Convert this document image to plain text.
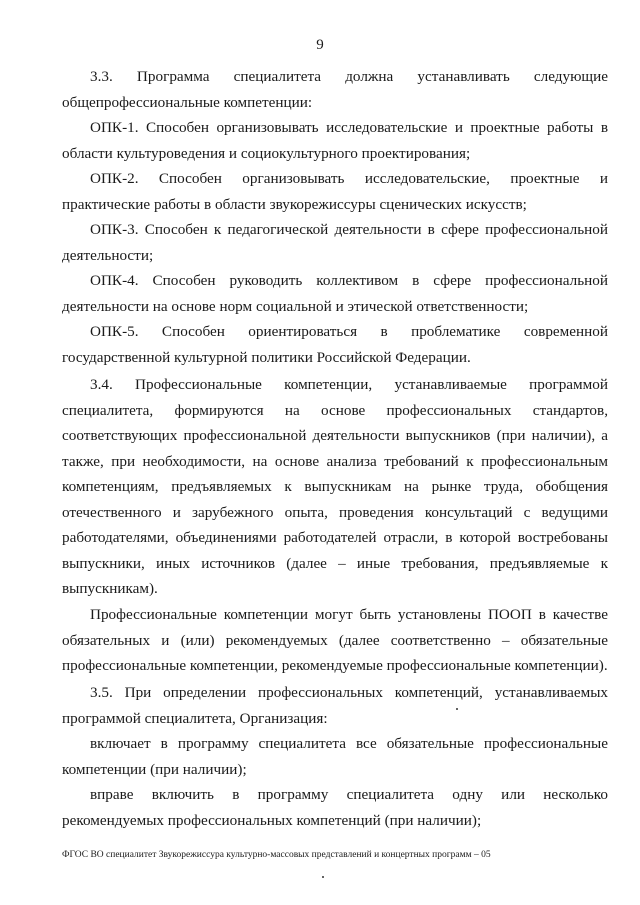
9
3.3. Программа специалитета должна устанавливать следующие общепрофессиональные компетенции:
ОПК-1. Способен организовывать исследовательские и проектные работы в области культуроведения и социокультурного проектирования;
ОПК-2. Способен организовывать исследовательские, проектные и практические работы в области звукорежиссуры сценических искусств;
ОПК-3. Способен к педагогической деятельности в сфере профессиональной деятельности;
ОПК-4. Способен руководить коллективом в сфере профессиональной деятельности на основе норм социальной и этической ответственности;
ОПК-5. Способен ориентироваться в проблематике современной государственной культурной политики Российской Федерации.
3.4. Профессиональные компетенции, устанавливаемые программой специалитета, формируются на основе профессиональных стандартов, соответствующих профессиональной деятельности выпускников (при наличии), а также, при необходимости, на основе анализа требований к профессиональным компетенциям, предъявляемых к выпускникам на рынке труда, обобщения отечественного и зарубежного опыта, проведения консультаций с ведущими работодателями, объединениями работодателей отрасли, в которой востребованы выпускники, иных источников (далее – иные требования, предъявляемые к выпускникам).
Профессиональные компетенции могут быть установлены ПООП в качестве обязательных и (или) рекомендуемых (далее соответственно – обязательные профессиональные компетенции, рекомендуемые профессиональные компетенции).
3.5. При определении профессиональных компетенций, устанавливаемых программой специалитета, Организация:
включает в программу специалитета все обязательные профессиональные компетенции (при наличии);
вправе включить в программу специалитета одну или несколько рекомендуемых профессиональных компетенций (при наличии);
ФГОС ВО специалитет Звукорежиссура культурно-массовых представлений и концертных программ – 05
